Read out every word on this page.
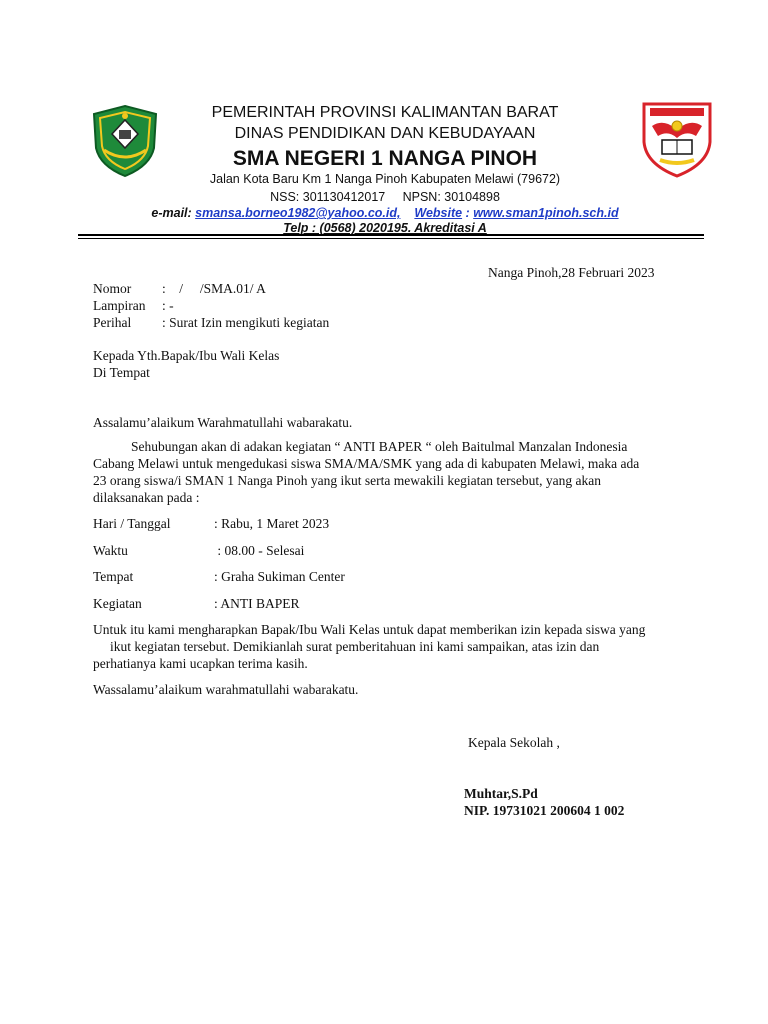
PEMERINTAH PROVINSI KALIMANTAN BARAT
DINAS PENDIDIKAN DAN KEBUDAYAAN
SMA NEGERI 1 NANGA PINOH
Jalan Kota Baru Km 1 Nanga Pinoh Kabupaten Melawi (79672)
NSS: 301130412017     NPSN: 30104898
e-mail: smansa.borneo1982@yahoo.co.id, Website : www.sman1pinoh.sch.id
Telp : (0568) 2020195. Akreditasi A
Nanga Pinoh,28 Februari 2023
Nomor :    /     /SMA.01/ A
Lampiran : -
Perihal : Surat Izin mengikuti kegiatan
Kepada Yth.Bapak/Ibu Wali Kelas
Di Tempat
Assalamu’alaikum Warahmatullahi wabarakatu.
Sehubungan akan di adakan kegiatan “ ANTI BAPER “ oleh Baitulmal Manzalan Indonesia
Cabang Melawi untuk mengedukasi siswa SMA/MA/SMK yang ada di kabupaten Melawi, maka ada
23 orang siswa/i SMAN 1 Nanga Pinoh yang ikut serta mewakili kegiatan tersebut, yang akan
dilaksanakan pada :
Hari / Tanggal	: Rabu, 1 Maret 2023
Waktu	: 08.00 - Selesai
Tempat	: Graha Sukiman Center
Kegiatan	: ANTI BAPER
Untuk itu kami mengharapkan Bapak/Ibu Wali Kelas untuk dapat memberikan izin kepada siswa yang
ikut kegiatan tersebut. Demikianlah surat pemberitahuan ini kami sampaikan, atas izin dan
perhatianya kami ucapkan terima kasih.
Wassalamu’alaikum warahmatullahi wabarakatu.
Kepala Sekolah ,
Muhtar,S.Pd
NIP. 19731021 200604 1 002
